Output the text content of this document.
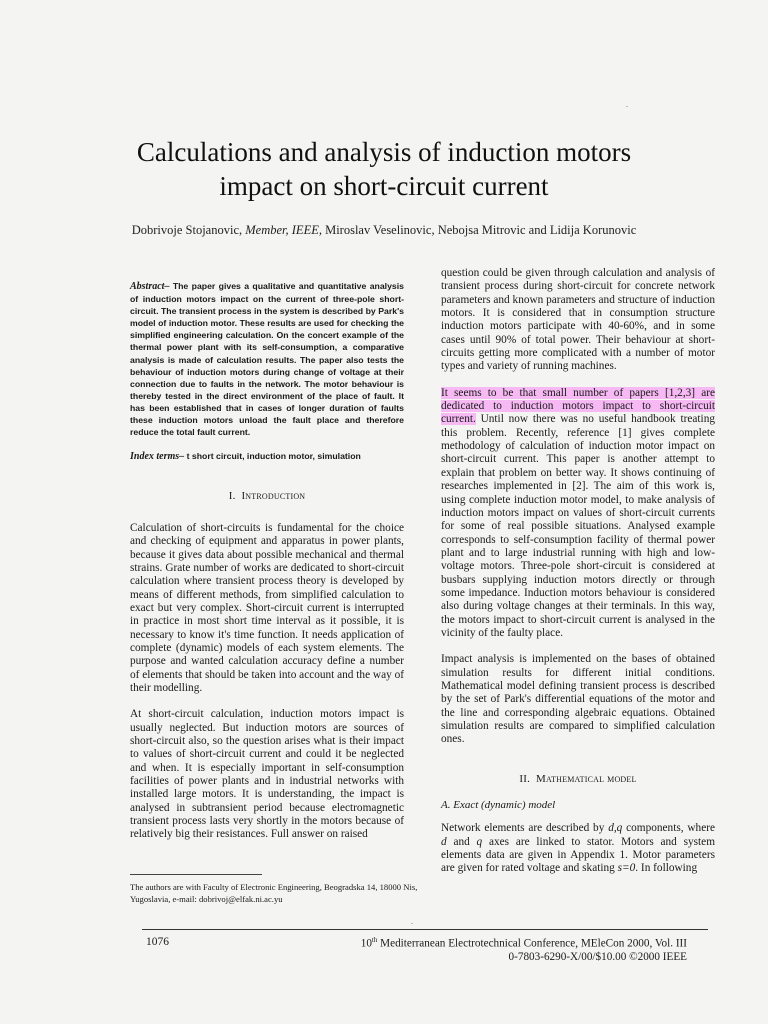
Calculations and analysis of induction motors
impact on short-circuit current
Dobrivoje Stojanovic, Member, IEEE, Miroslav Veselinovic, Nebojsa Mitrovic and Lidija Korunovic

Abstract– The paper gives a qualitative and quantitative analysis of induction motors impact on the current of three-pole short-circuit. The transient process in the system is described by Park's model of induction motor. These results are used for checking the simplified engineering calculation. On the concert example of the thermal power plant with its self-consumption, a comparative analysis is made of calculation results. The paper also tests the behaviour of induction motors during change of voltage at their connection due to faults in the network. The motor behaviour is thereby tested in the direct environment of the place of fault. It has been established that in cases of longer duration of faults these induction motors unload the fault place and therefore reduce the total fault current.

Index terms– t short circuit, induction motor, simulation

I. Introduction

Calculation of short-circuits is fundamental for the choice and checking of equipment and apparatus in power plants, because it gives data about possible mechanical and thermal strains. Grate number of works are dedicated to short-circuit calculation where transient process theory is developed by means of different methods, from simplified calculation to exact but very complex. Short-circuit current is interrupted in practice in most short time interval as it possible, it is necessary to know it's time function. It needs application of complete (dynamic) models of each system elements. The purpose and wanted calculation accuracy define a number of elements that should be taken into account and the way of their modelling.

At short-circuit calculation, induction motors impact is usually neglected. But induction motors are sources of short-circuit also, so the question arises what is their impact to values of short-circuit current and could it be neglected and when. It is especially important in self-consumption facilities of power plants and in industrial networks with installed large motors. It is understanding, the impact is analysed in subtransient period because electromagnetic transient process lasts very shortly in the motors because of relatively big their resistances. Full answer on raised

question could be given through calculation and analysis of transient process during short-circuit for concrete network parameters and known parameters and structure of induction motors. It is considered that in consumption structure induction motors participate with 40-60%, and in some cases until 90% of total power. Their behaviour at short-circuits getting more complicated with a number of motor types and variety of running machines.

It seems to be that small number of papers [1,2,3] are dedicated to induction motors impact to short-circuit current. Until now there was no useful handbook treating this problem. Recently, reference [1] gives complete methodology of calculation of induction motor impact on short-circuit current. This paper is another attempt to explain that problem on better way. It shows continuing of researches implemented in [2]. The aim of this work is, using complete induction motor model, to make analysis of induction motors impact on values of short-circuit currents for some of real possible situations. Analysed example corresponds to self-consumption facility of thermal power plant and to large industrial running with high and low-voltage motors. Three-pole short-circuit is considered at busbars supplying induction motors directly or through some impedance. Induction motors behaviour is considered also during voltage changes at their terminals. In this way, the motors impact to short-circuit current is analysed in the vicinity of the faulty place.

Impact analysis is implemented on the bases of obtained simulation results for different initial conditions. Mathematical model defining transient process is described by the set of Park's differential equations of the motor and the line and corresponding algebraic equations. Obtained simulation results are compared to simplified calculation ones.

II. Mathematical model

A. Exact (dynamic) model

Network elements are described by d,q components, where d and q axes are linked to stator. Motors and system elements data are given in Appendix 1. Motor parameters are given for rated voltage and skating s=0. In following

The authors are with Faculty of Electronic Engineering, Beogradska 14, 18000 Nis, Yugoslavia, e-mail: dobrivoj@elfak.ni.ac.yu
1076	10th Mediterranean Electrotechnical Conference, MEleCon 2000, Vol. III
0-7803-6290-X/00/$10.00 ©2000 IEEE
